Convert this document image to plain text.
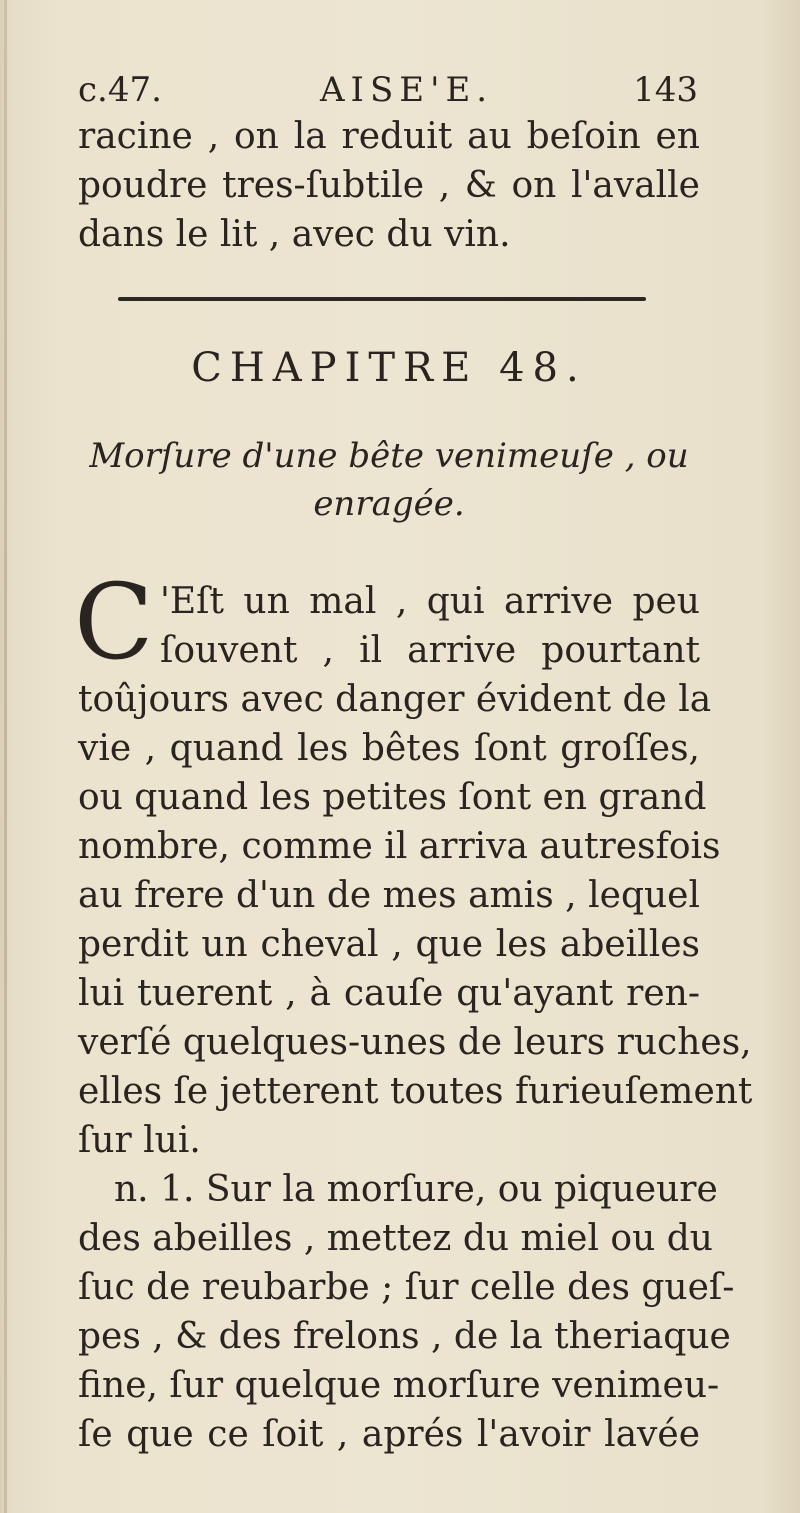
c.47.	AISE'E.	143
racine , on la reduit au beſoin en
poudre tres-ſubtile , & on l'avalle
dans le lit , avec du vin.
CHAPITRE 48.
Morſure d'une bête venimeuſe , ou
enragée.
C 'Eſt un mal , qui arrive peu
ſouvent , il arrive pourtant
toûjours avec danger évident de la
vie , quand les bêtes ſont groſſes,
ou quand les petites ſont en grand
nombre, comme il arriva autresfois
au frere d'un de mes amis , lequel
perdit un cheval , que les abeilles
lui tuerent , à cauſe qu'ayant ren-
verſé quelques-unes de leurs ruches,
elles ſe jetterent toutes furieuſement
ſur lui.
n. 1. Sur la morſure, ou piqueure
des abeilles , mettez du miel ou du
ſuc de reubarbe ; ſur celle des gueſ-
pes , & des frelons , de la theriaque
fine, ſur quelque morſure venimeu-
ſe que ce ſoit , aprés l'avoir lavée
